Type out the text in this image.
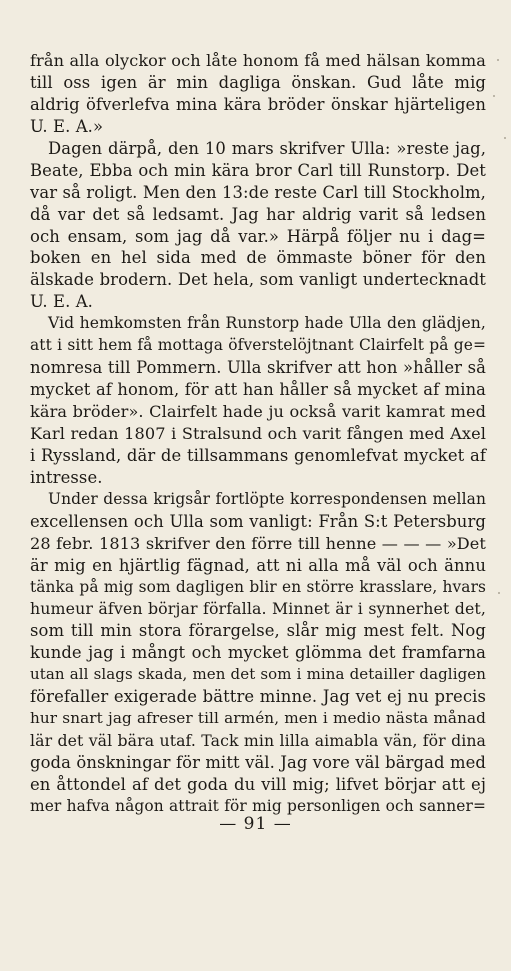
från alla olyckor och låte honom få med hälsan komma
till oss igen är min dagliga önskan. Gud låte mig
aldrig öfverlefva mina kära bröder önskar hjärteligen
U. E. A.»
Dagen därpå, den 10 mars skrifver Ulla: »reste jag,
Beate, Ebba och min kära bror Carl till Runstorp. Det
var så roligt. Men den 13:de reste Carl till Stockholm,
då var det så ledsamt. Jag har aldrig varit så ledsen
och ensam, som jag då var.» Härpå följer nu i dag=
boken en hel sida med de ömmaste böner för den
älskade brodern. Det hela, som vanligt undertecknadt
U. E. A.
Vid hemkomsten från Runstorp hade Ulla den glädjen,
att i sitt hem få mottaga öfverstelöjtnant Clairfelt på ge=
nomresa till Pommern. Ulla skrifver att hon »håller så
mycket af honom, för att han håller så mycket af mina
kära bröder». Clairfelt hade ju också varit kamrat med
Karl redan 1807 i Stralsund och varit fången med Axel
i Ryssland, där de tillsammans genomlefvat mycket af
intresse.
Under dessa krigsår fortlöpte korrespondensen mellan
excellensen och Ulla som vanligt: Från S:t Petersburg
28 febr. 1813 skrifver den förre till henne — — — »Det
är mig en hjärtlig fägnad, att ni alla må väl och ännu
tänka på mig som dagligen blir en större krasslare, hvars
humeur äfven börjar förfalla. Minnet är i synnerhet det,
som till min stora förargelse, slår mig mest felt. Nog
kunde jag i mångt och mycket glömma det framfarna
utan all slags skada, men det som i mina detailler dagligen
förefaller exigerade bättre minne. Jag vet ej nu precis
hur snart jag afreser till armén, men i medio nästa månad
lär det väl bära utaf. Tack min lilla aimabla vän, för dina
goda önskningar för mitt väl. Jag vore väl bärgad med
en åttondel af det goda du vill mig; lifvet börjar att ej
mer hafva någon attrait för mig personligen och sanner=
— 91 —
